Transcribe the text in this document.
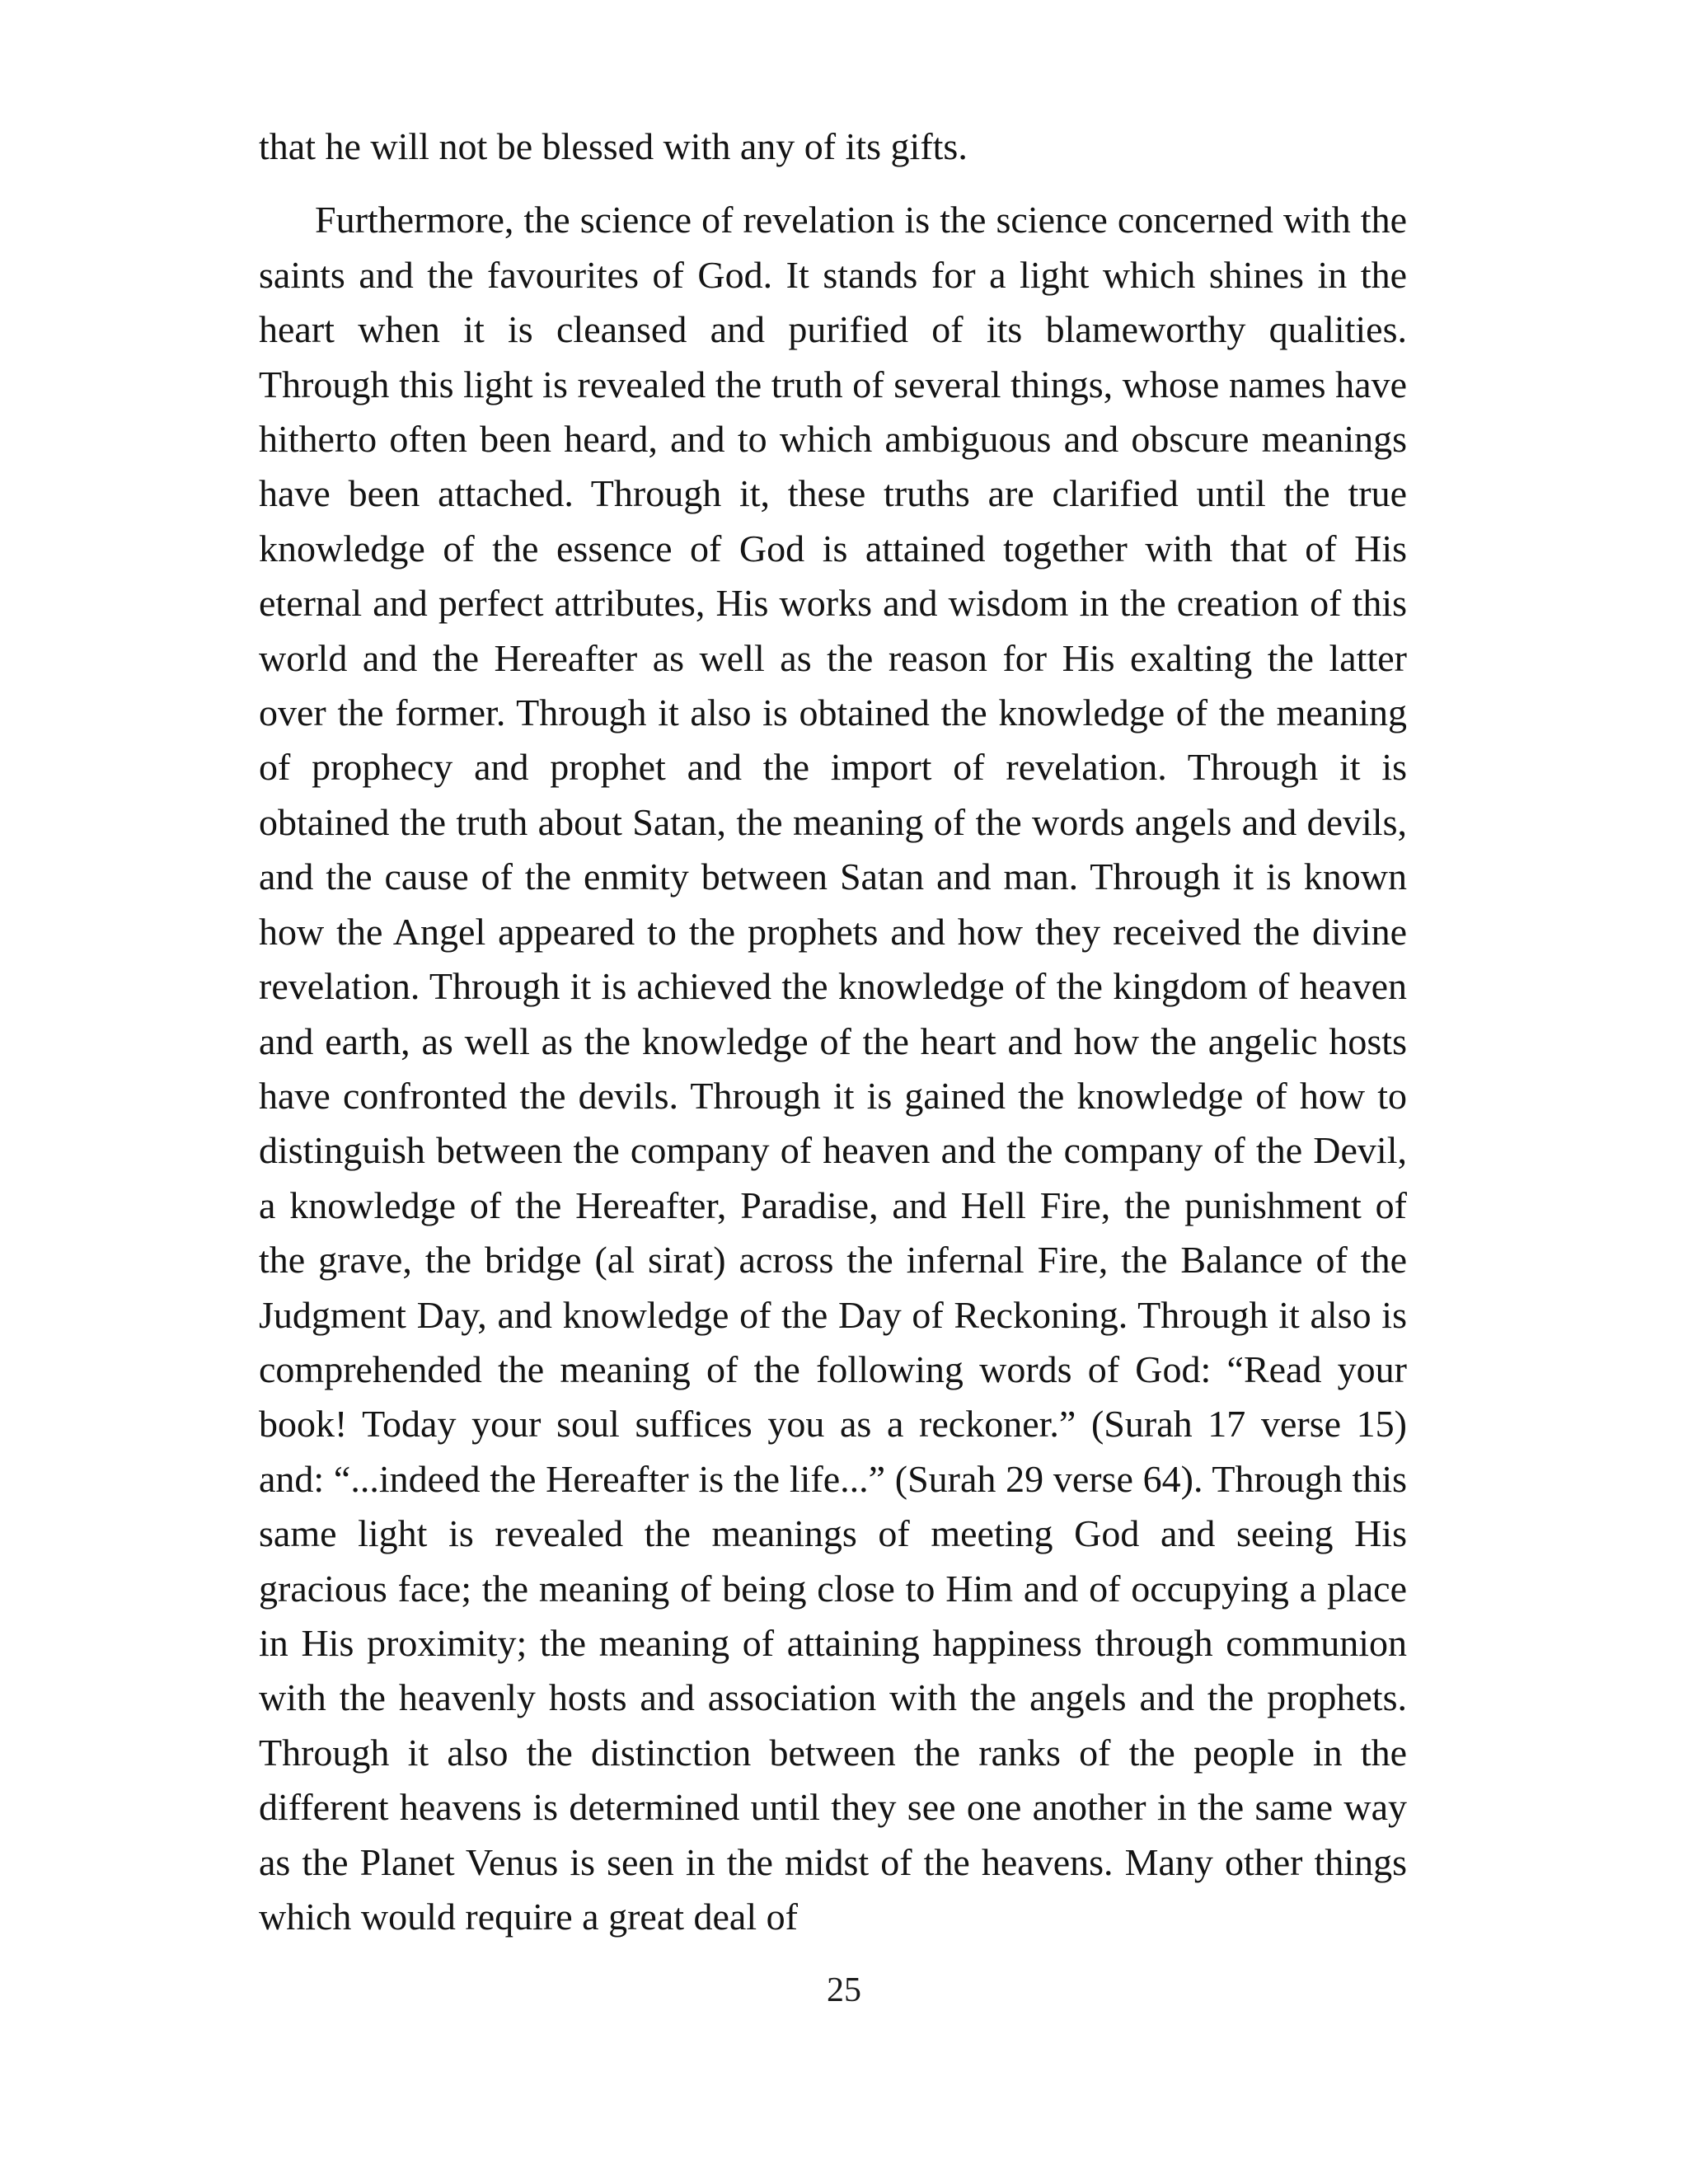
that he will not be blessed with any of its gifts.

Furthermore, the science of revelation is the science concerned with the saints and the favourites of God. It stands for a light which shines in the heart when it is cleansed and purified of its blameworthy qualities. Through this light is revealed the truth of several things, whose names have hitherto often been heard, and to which ambiguous and obscure meanings have been attached. Through it, these truths are clarified until the true knowledge of the essence of God is attained together with that of His eternal and perfect attributes, His works and wisdom in the creation of this world and the Hereafter as well as the reason for His exalting the latter over the former. Through it also is obtained the knowledge of the meaning of prophecy and prophet and the import of revelation. Through it is obtained the truth about Satan, the meaning of the words angels and devils, and the cause of the enmity between Satan and man. Through it is known how the Angel appeared to the prophets and how they received the divine revelation. Through it is achieved the knowledge of the kingdom of heaven and earth, as well as the knowledge of the heart and how the angelic hosts have confronted the devils. Through it is gained the knowledge of how to distinguish between the company of heaven and the company of the Devil, a knowledge of the Hereafter, Paradise, and Hell Fire, the punishment of the grave, the bridge (al sirat) across the infernal Fire, the Balance of the Judgment Day, and knowledge of the Day of Reckoning. Through it also is comprehended the meaning of the following words of God: “Read your book! Today your soul suffices you as a reckoner.” (Surah 17 verse 15) and: “...indeed the Hereafter is the life...” (Surah 29 verse 64). Through this same light is revealed the meanings of meeting God and seeing His gracious face; the meaning of being close to Him and of occupying a place in His proximity; the meaning of attaining happiness through communion with the heavenly hosts and association with the angels and the prophets. Through it also the distinction between the ranks of the people in the different heavens is determined until they see one another in the same way as the Planet Venus is seen in the midst of the heavens. Many other things which would require a great deal of

25
